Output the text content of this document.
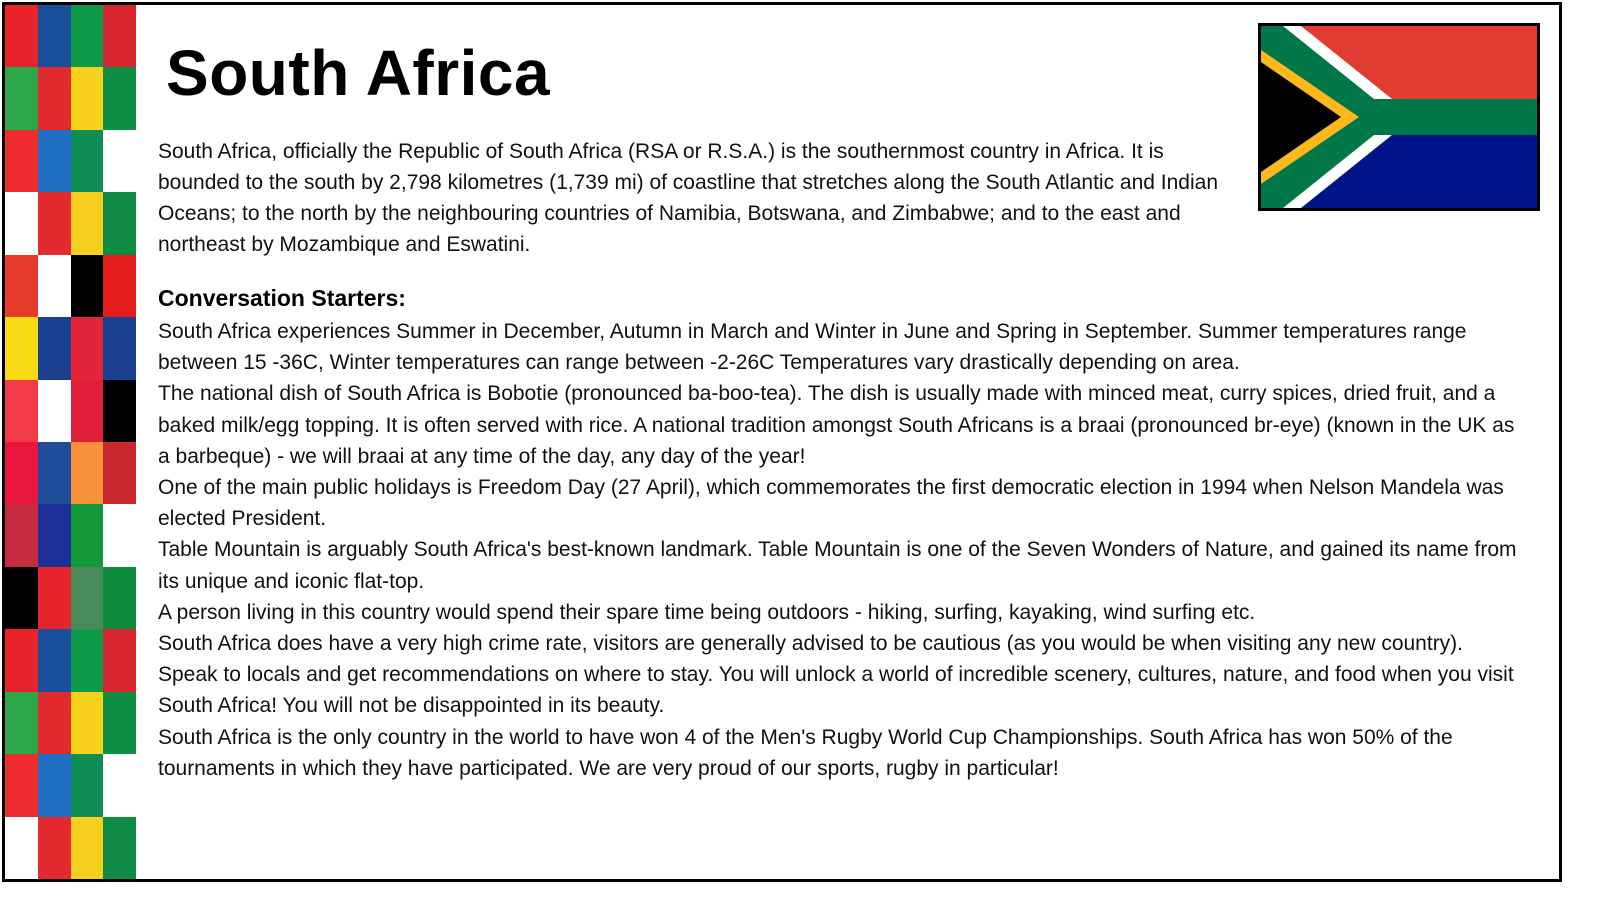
South Africa

South Africa, officially the Republic of South Africa (RSA or R.S.A.) is the southernmost country in Africa. It is bounded to the south by 2,798 kilometres (1,739 mi) of coastline that stretches along the South Atlantic and Indian Oceans; to the north by the neighbouring countries of Namibia, Botswana, and Zimbabwe; and to the east and northeast by Mozambique and Eswatini.

Conversation Starters:

South Africa experiences Summer in December, Autumn in March and Winter in June and Spring in September. Summer temperatures range between 15 -36C, Winter temperatures can range between -2-26C Temperatures vary drastically depending on area.

The national dish of South Africa is Bobotie (pronounced ba-boo-tea). The dish is usually made with minced meat, curry spices, dried fruit, and a baked milk/egg topping. It is often served with rice. A national tradition amongst South Africans is a braai (pronounced br-eye) (known in the UK as a barbeque) - we will braai at any time of the day, any day of the year!

One of the main public holidays is Freedom Day (27 April), which commemorates the first democratic election in 1994 when Nelson Mandela was elected President.

Table Mountain is arguably South Africa's best-known landmark. Table Mountain is one of the Seven Wonders of Nature, and gained its name from its unique and iconic flat-top.

A person living in this country would spend their spare time being outdoors - hiking, surfing, kayaking, wind surfing etc.

South Africa does have a very high crime rate, visitors are generally advised to be cautious (as you would be when visiting any new country). Speak to locals and get recommendations on where to stay. You will unlock a world of incredible scenery, cultures, nature, and food when you visit South Africa! You will not be disappointed in its beauty.

South Africa is the only country in the world to have won 4 of the Men's Rugby World Cup Championships. South Africa has won 50% of the tournaments in which they have participated. We are very proud of our sports, rugby in particular!
